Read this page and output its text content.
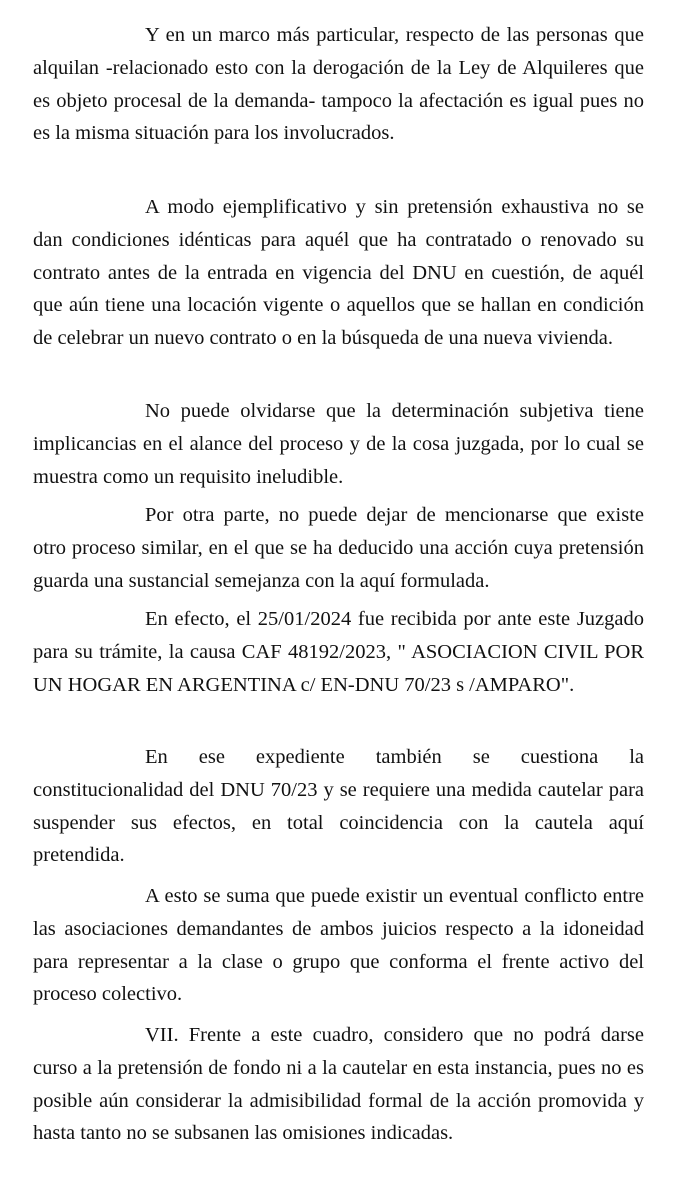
Y en un marco más particular, respecto de las personas que alquilan -relacionado esto con la derogación de la Ley de Alquileres que es objeto procesal de la demanda- tampoco la afectación es igual pues no es la misma situación para los involucrados.

A modo ejemplificativo y sin pretensión exhaustiva no se dan condiciones idénticas para aquél que ha contratado o renovado su contrato antes de la entrada en vigencia del DNU en cuestión, de aquél que aún tiene una locación vigente o aquellos que se hallan en condición de celebrar un nuevo contrato o en la búsqueda de una nueva vivienda.

No puede olvidarse que la determinación subjetiva tiene implicancias en el alance del proceso y de la cosa juzgada, por lo cual se muestra como un requisito ineludible.

Por otra parte, no puede dejar de mencionarse que existe otro proceso similar, en el que se ha deducido una acción cuya pretensión guarda una sustancial semejanza con la aquí formulada.

En efecto, el 25/01/2024 fue recibida por ante este Juzgado para su trámite, la causa CAF 48192/2023, " ASOCIACION CIVIL POR UN HOGAR EN ARGENTINA c/ EN-DNU 70/23 s /AMPARO".

En ese expediente también se cuestiona la constitucionalidad del DNU 70/23 y se requiere una medida cautelar para suspender sus efectos, en total coincidencia con la cautela aquí pretendida.

A esto se suma que puede existir un eventual conflicto entre las asociaciones demandantes de ambos juicios respecto a la idoneidad para representar a la clase o grupo que conforma el frente activo del proceso colectivo.

VII. Frente a este cuadro, considero que no podrá darse curso a la pretensión de fondo ni a la cautelar en esta instancia, pues no es posible aún considerar la admisibilidad formal de la acción promovida y hasta tanto no se subsanen las omisiones indicadas.
